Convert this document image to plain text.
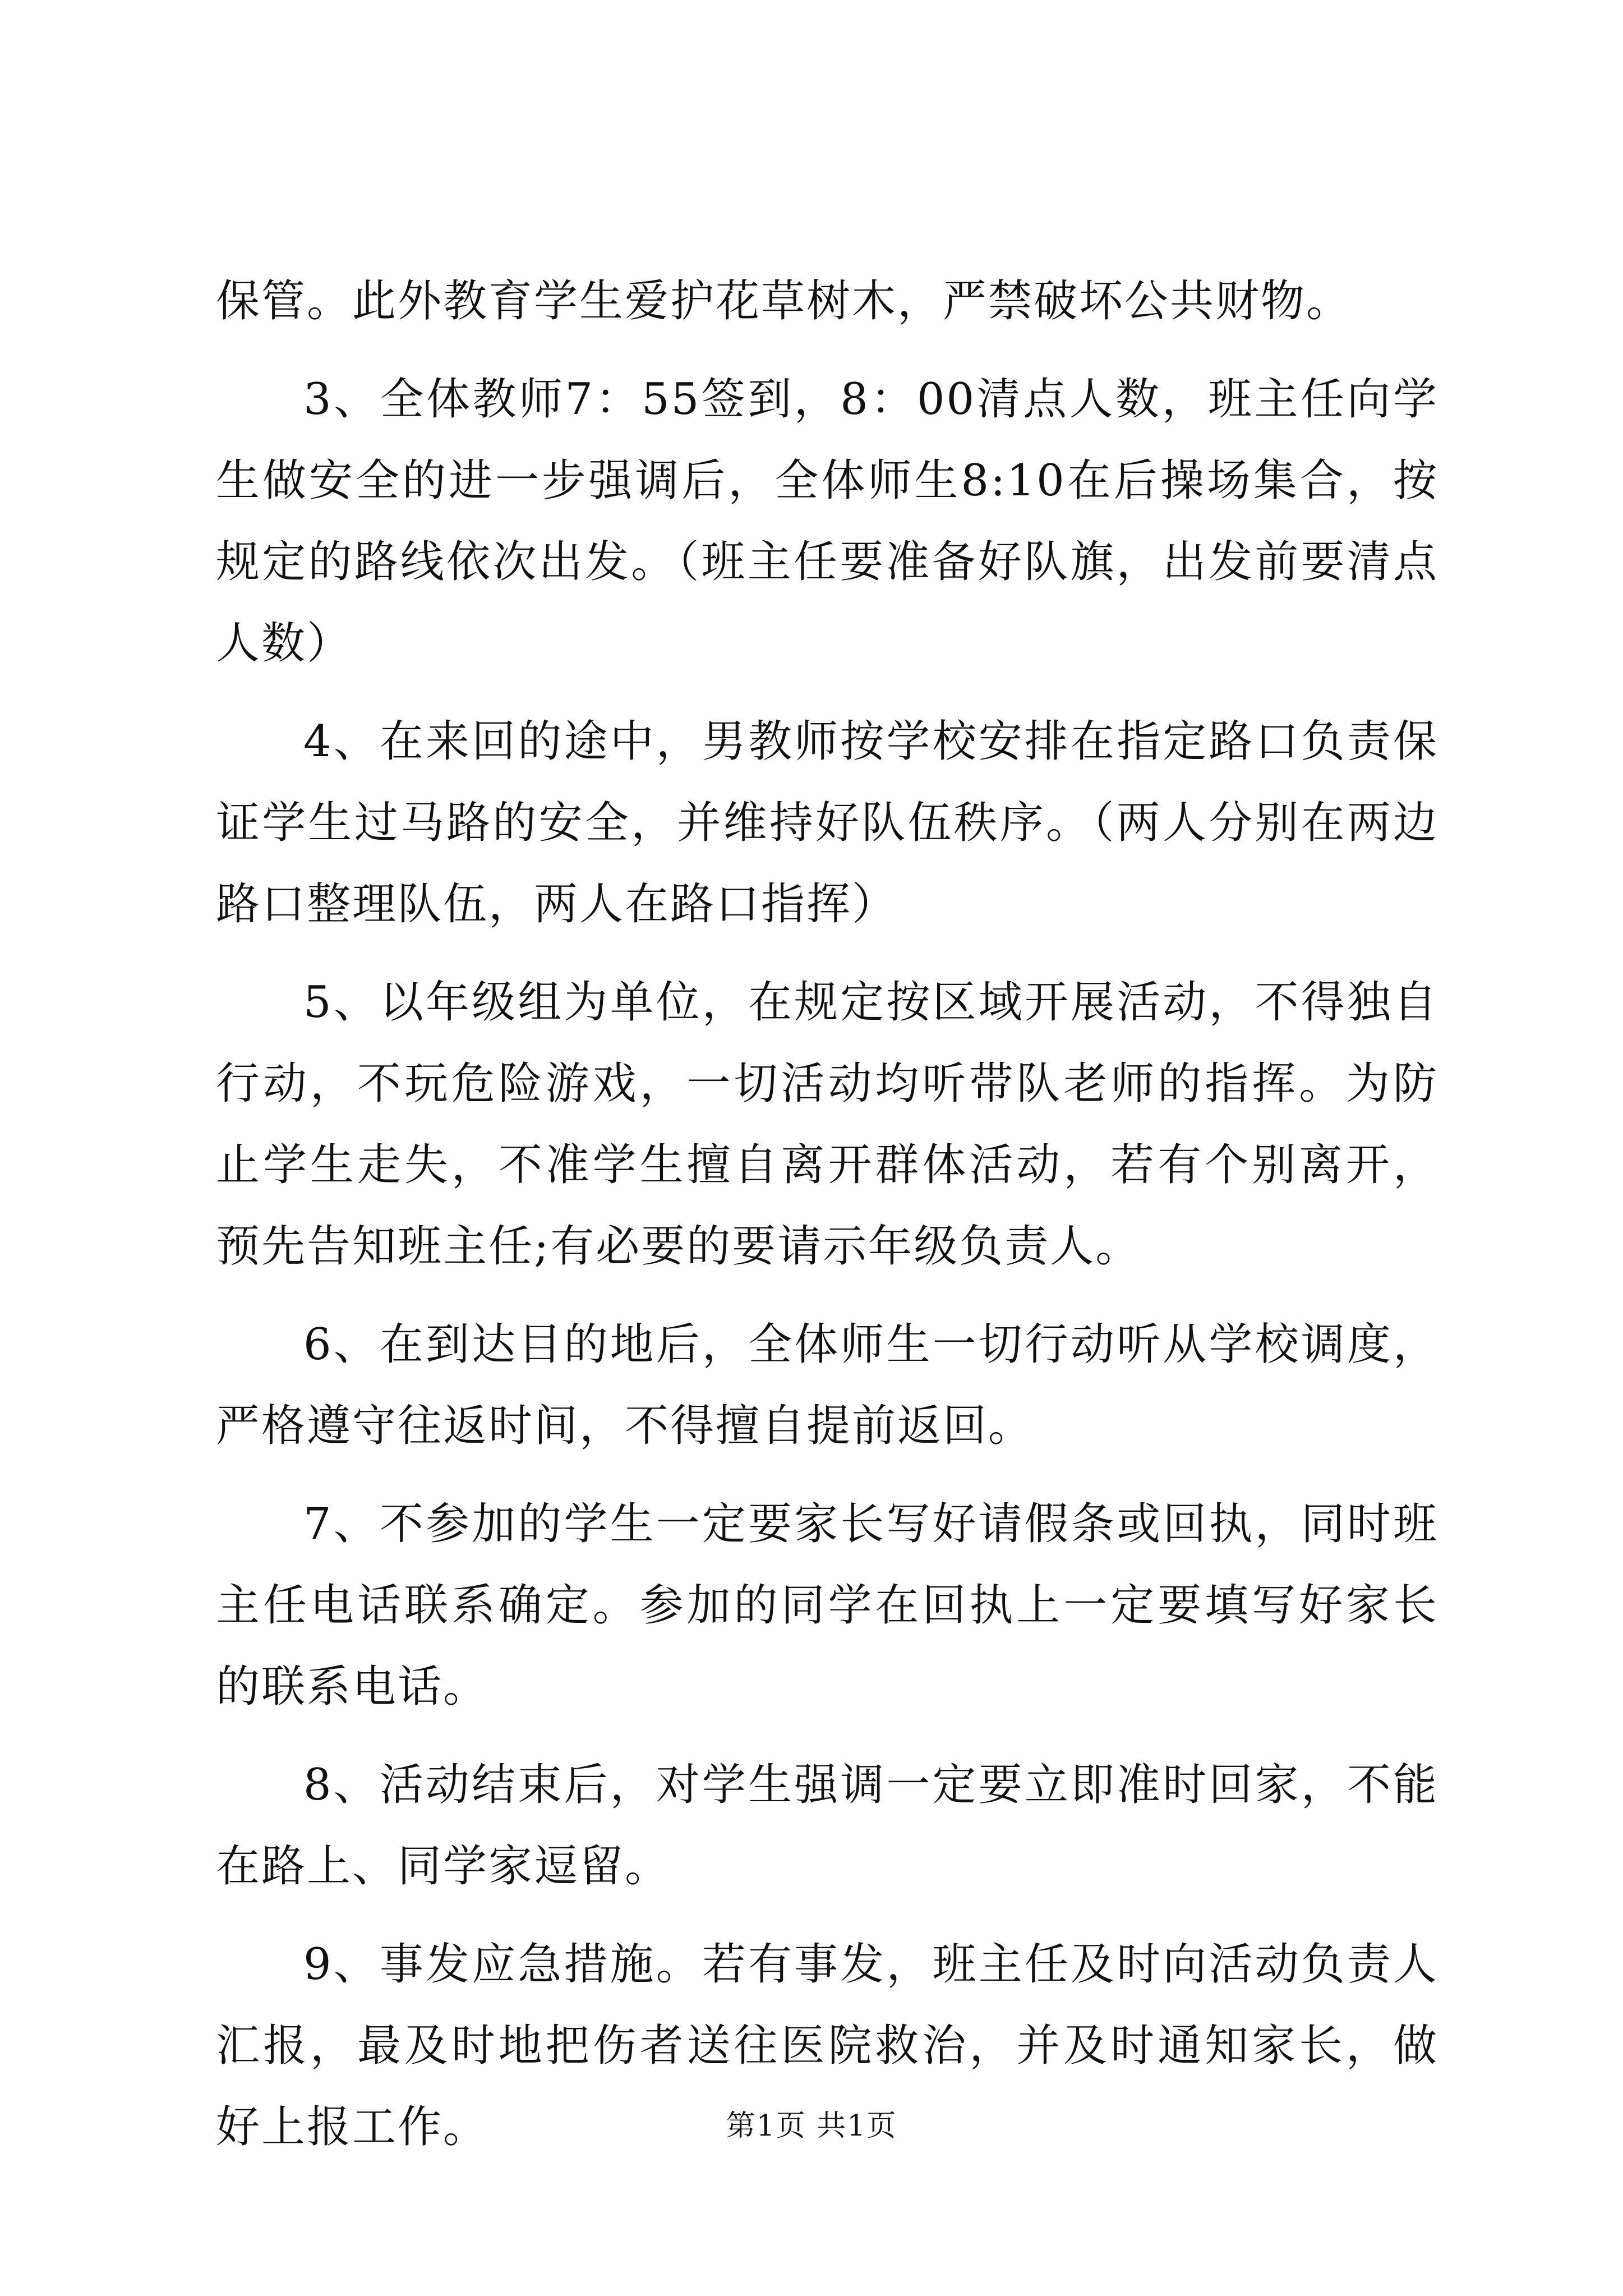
保管。此外教育学生爱护花草树木，严禁破坏公共财物。

3、全体教师7：55签到，8：00清点人数，班主任向学生做安全的进一步强调后，全体师生8:10在后操场集合，按规定的路线依次出发。（班主任要准备好队旗，出发前要清点人数）

4、在来回的途中，男教师按学校安排在指定路口负责保证学生过马路的安全，并维持好队伍秩序。（两人分别在两边路口整理队伍，两人在路口指挥）

5、以年级组为单位，在规定按区域开展活动，不得独自行动，不玩危险游戏，一切活动均听带队老师的指挥。为防止学生走失，不准学生擅自离开群体活动，若有个别离开，预先告知班主任;有必要的要请示年级负责人。

6、在到达目的地后，全体师生一切行动听从学校调度，严格遵守往返时间，不得擅自提前返回。

7、不参加的学生一定要家长写好请假条或回执，同时班主任电话联系确定。参加的同学在回执上一定要填写好家长的联系电话。

8、活动结束后，对学生强调一定要立即准时回家，不能在路上、同学家逗留。

9、事发应急措施。若有事发，班主任及时向活动负责人汇报，最及时地把伤者送往医院救治，并及时通知家长，做好上报工作。	第1页 共1页
